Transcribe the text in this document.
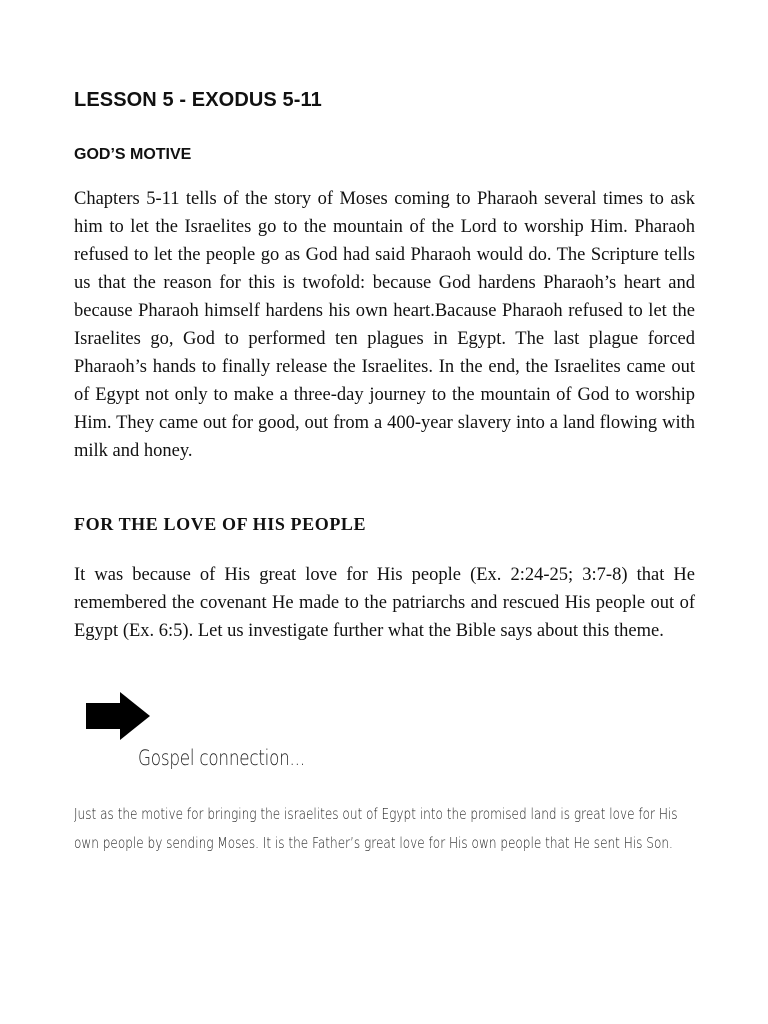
LESSON 5 - EXODUS 5-11
GOD’S MOTIVE

Chapters 5-11 tells of the story of Moses coming to Pharaoh several times to ask him to let the Israelites go to the mountain of the Lord to worship Him. Pharaoh refused to let the people go as God had said Pharaoh would do. The Scripture tells us that the reason for this is twofold: because God hardens Pharaoh’s heart and because Pharaoh himself hardens his own heart.Bacause Pharaoh refused to let the Israelites go, God to performed ten plagues in Egypt. The last plague forced Pharaoh’s hands to finally release the Israelites. In the end, the Israelites came out of Egypt not only to make a three-day journey to the mountain of God to worship Him. They came out for good, out from a 400-year slavery into a land flowing with milk and honey.

FOR THE LOVE OF HIS PEOPLE

It was because of His great love for His people (Ex. 2:24-25; 3:7-8) that He remembered the covenant He made to the patriarchs and rescued His people out of Egypt (Ex. 6:5). Let us investigate further what the Bible says about this theme.

Gospel connection...

Just as the motive for bringing the israelites out of Egypt into the promised land is great love for His own people by sending Moses. It is the Father’s great love for His own people that He sent His Son.
